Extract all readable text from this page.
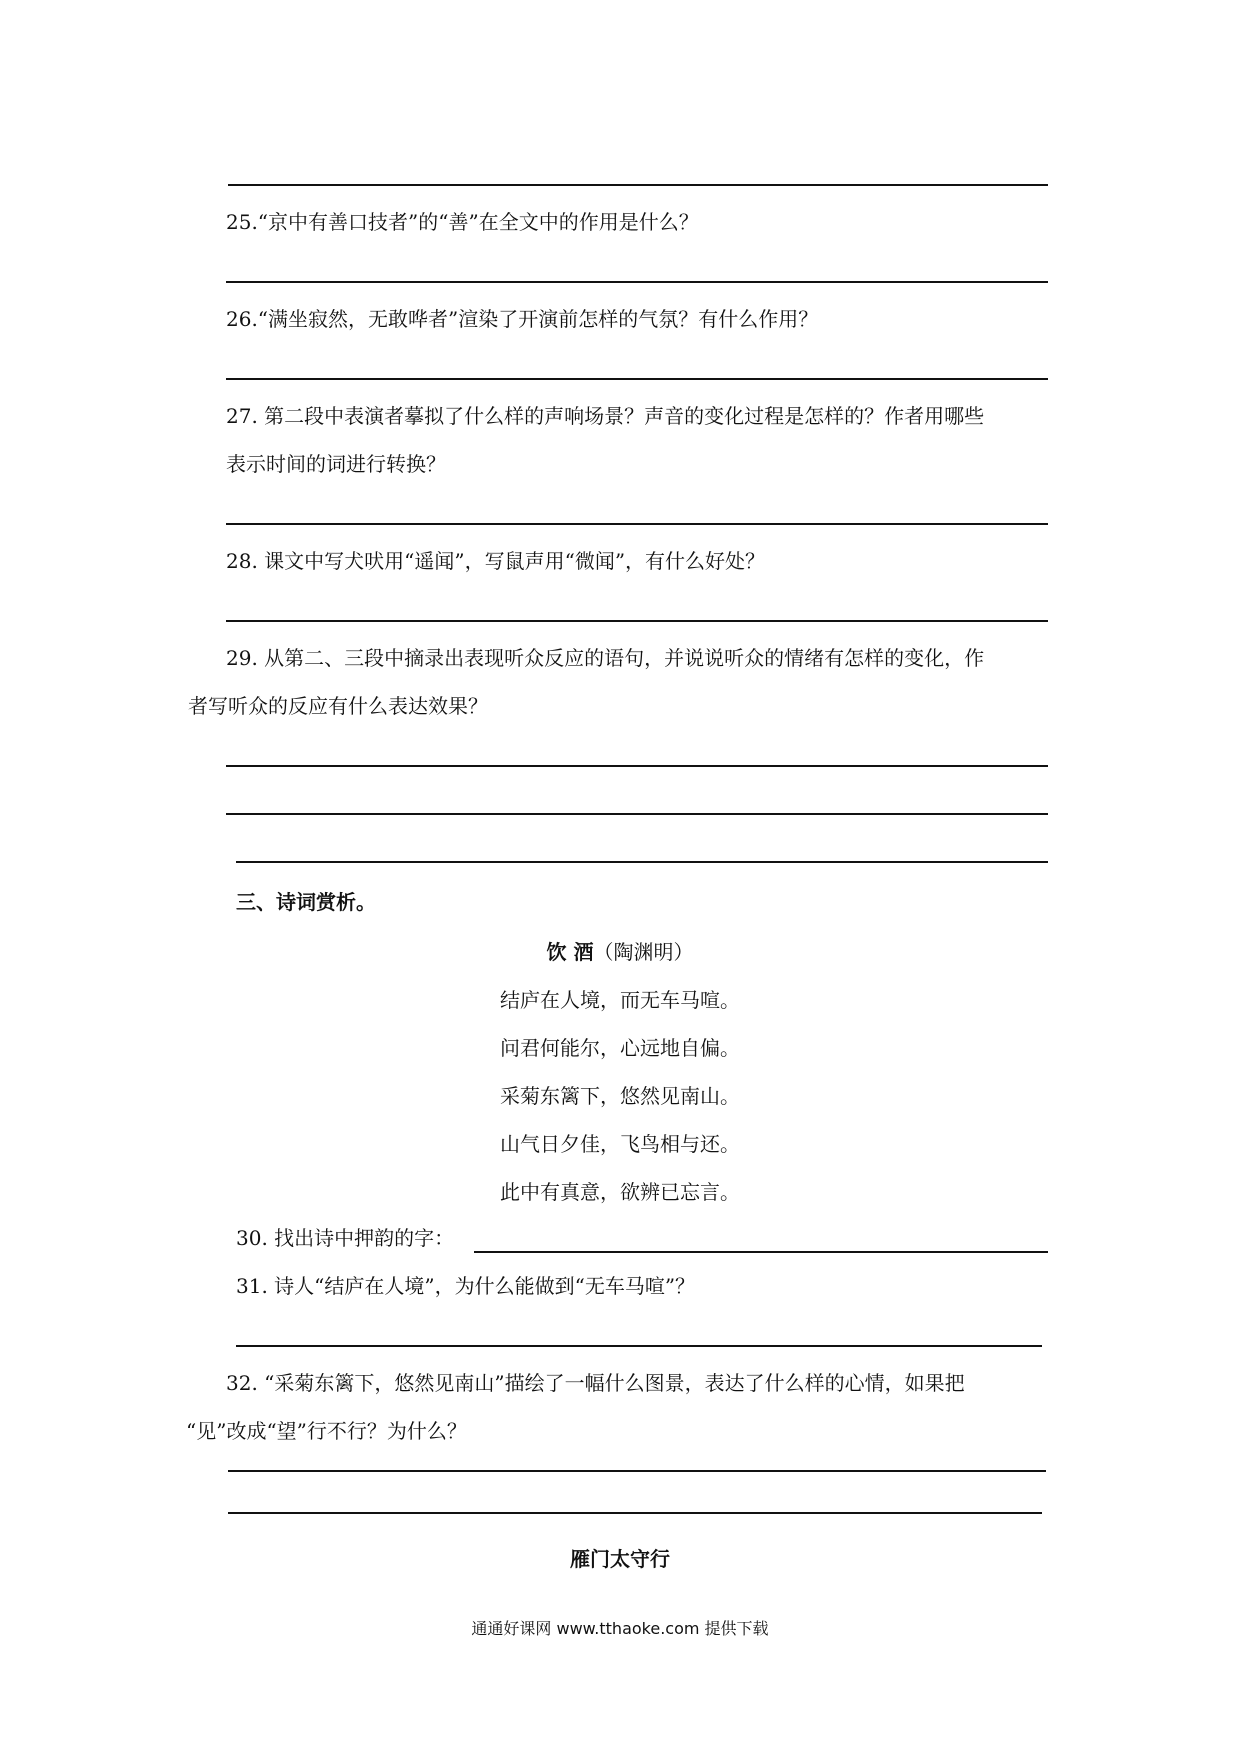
25.“京中有善口技者”的“善”在全文中的作用是什么？
26.“满坐寂然，无敢哗者”渲染了开演前怎样的气氛？有什么作用？
27. 第二段中表演者摹拟了什么样的声响场景？声音的变化过程是怎样的？作者用哪些
表示时间的词进行转换？
28. 课文中写犬吠用“遥闻”，写鼠声用“微闻”，有什么好处？
29. 从第二、三段中摘录出表现听众反应的语句，并说说听众的情绪有怎样的变化，作
者写听众的反应有什么表达效果？
三、诗词赏析。
饮 酒（陶渊明）
结庐在人境，而无车马喧。
问君何能尔，心远地自偏。
采菊东篱下，悠然见南山。
山气日夕佳，飞鸟相与还。
此中有真意，欲辨已忘言。
30. 找出诗中押韵的字：
31. 诗人“结庐在人境”，为什么能做到“无车马喧”？
32. “采菊东篱下，悠然见南山”描绘了一幅什么图景，表达了什么样的心情，如果把
“见”改成“望”行不行？为什么？
雁门太守行
通通好课网 www.tthaoke.com 提供下载
